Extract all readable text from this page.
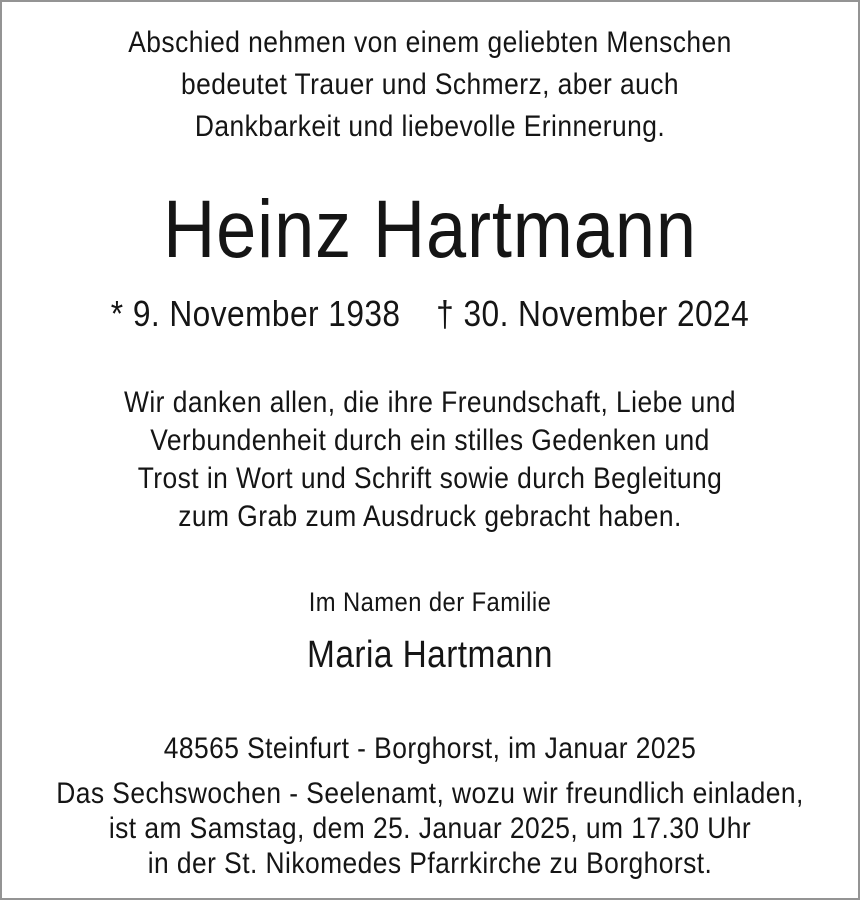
Abschied nehmen von einem geliebten Menschen
bedeutet Trauer und Schmerz, aber auch
Dankbarkeit und liebevolle Erinnerung.
Heinz Hartmann
* 9. November 1938 † 30. November 2024
Wir danken allen, die ihre Freundschaft, Liebe und
Verbundenheit durch ein stilles Gedenken und
Trost in Wort und Schrift sowie durch Begleitung
zum Grab zum Ausdruck gebracht haben.
Im Namen der Familie
Maria Hartmann
48565 Steinfurt - Borghorst, im Januar 2025
Das Sechswochen - Seelenamt, wozu wir freundlich einladen,
ist am Samstag, dem 25. Januar 2025, um 17.30 Uhr
in der St. Nikomedes Pfarrkirche zu Borghorst.
